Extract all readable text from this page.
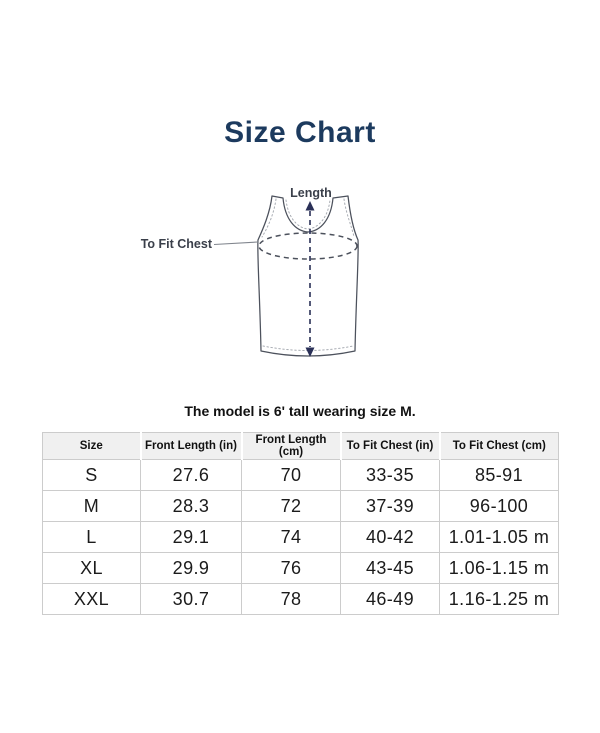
Size Chart
Length
To Fit Chest

The model is 6' tall wearing size M.

Size	Front Length (in)	Front Length (cm)	To Fit Chest (in)	To Fit Chest (cm)
S	27.6	70	33-35	85-91
M	28.3	72	37-39	96-100
L	29.1	74	40-42	1.01-1.05 m
XL	29.9	76	43-45	1.06-1.15 m
XXL	30.7	78	46-49	1.16-1.25 m
